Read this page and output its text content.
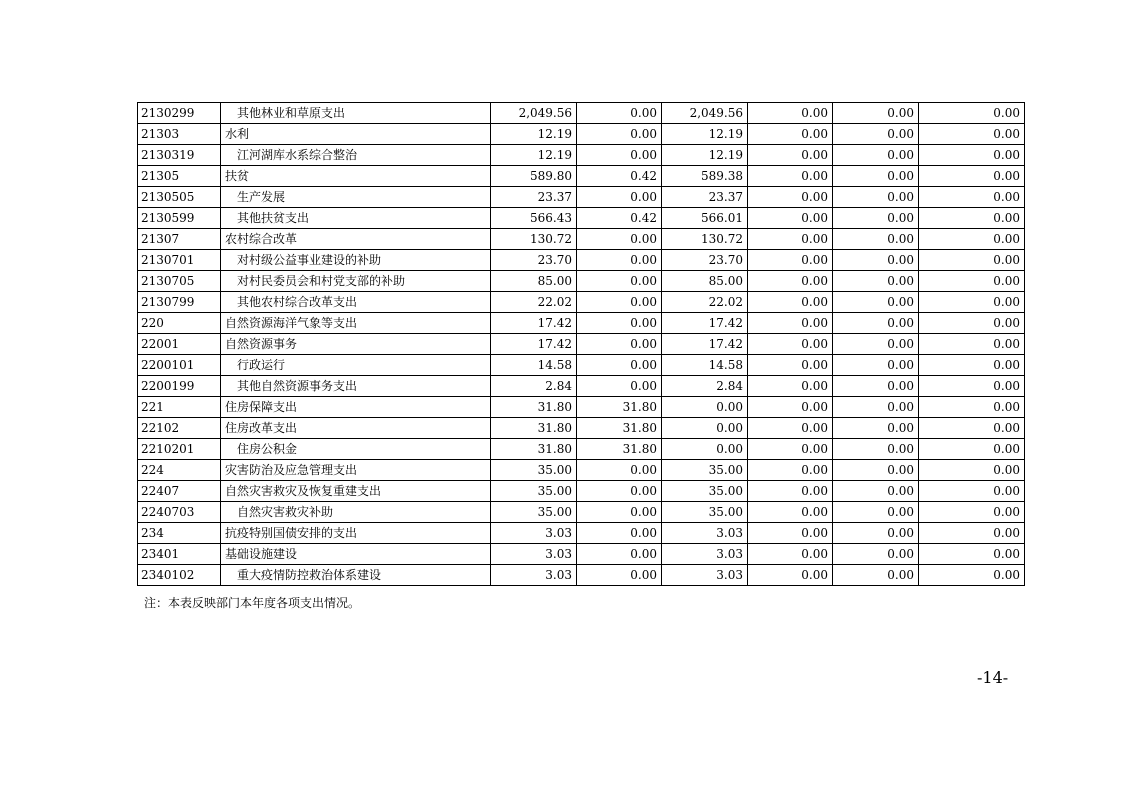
2130299	其他林业和草原支出	2,049.56	0.00	2,049.56	0.00	0.00	0.00
21303	水利	12.19	0.00	12.19	0.00	0.00	0.00
2130319	江河湖库水系综合整治	12.19	0.00	12.19	0.00	0.00	0.00
21305	扶贫	589.80	0.42	589.38	0.00	0.00	0.00
2130505	生产发展	23.37	0.00	23.37	0.00	0.00	0.00
2130599	其他扶贫支出	566.43	0.42	566.01	0.00	0.00	0.00
21307	农村综合改革	130.72	0.00	130.72	0.00	0.00	0.00
2130701	对村级公益事业建设的补助	23.70	0.00	23.70	0.00	0.00	0.00
2130705	对村民委员会和村党支部的补助	85.00	0.00	85.00	0.00	0.00	0.00
2130799	其他农村综合改革支出	22.02	0.00	22.02	0.00	0.00	0.00
220	自然资源海洋气象等支出	17.42	0.00	17.42	0.00	0.00	0.00
22001	自然资源事务	17.42	0.00	17.42	0.00	0.00	0.00
2200101	行政运行	14.58	0.00	14.58	0.00	0.00	0.00
2200199	其他自然资源事务支出	2.84	0.00	2.84	0.00	0.00	0.00
221	住房保障支出	31.80	31.80	0.00	0.00	0.00	0.00
22102	住房改革支出	31.80	31.80	0.00	0.00	0.00	0.00
2210201	住房公积金	31.80	31.80	0.00	0.00	0.00	0.00
224	灾害防治及应急管理支出	35.00	0.00	35.00	0.00	0.00	0.00
22407	自然灾害救灾及恢复重建支出	35.00	0.00	35.00	0.00	0.00	0.00
2240703	自然灾害救灾补助	35.00	0.00	35.00	0.00	0.00	0.00
234	抗疫特别国债安排的支出	3.03	0.00	3.03	0.00	0.00	0.00
23401	基础设施建设	3.03	0.00	3.03	0.00	0.00	0.00
2340102	重大疫情防控救治体系建设	3.03	0.00	3.03	0.00	0.00	0.00
注：本表反映部门本年度各项支出情况。
-14-
